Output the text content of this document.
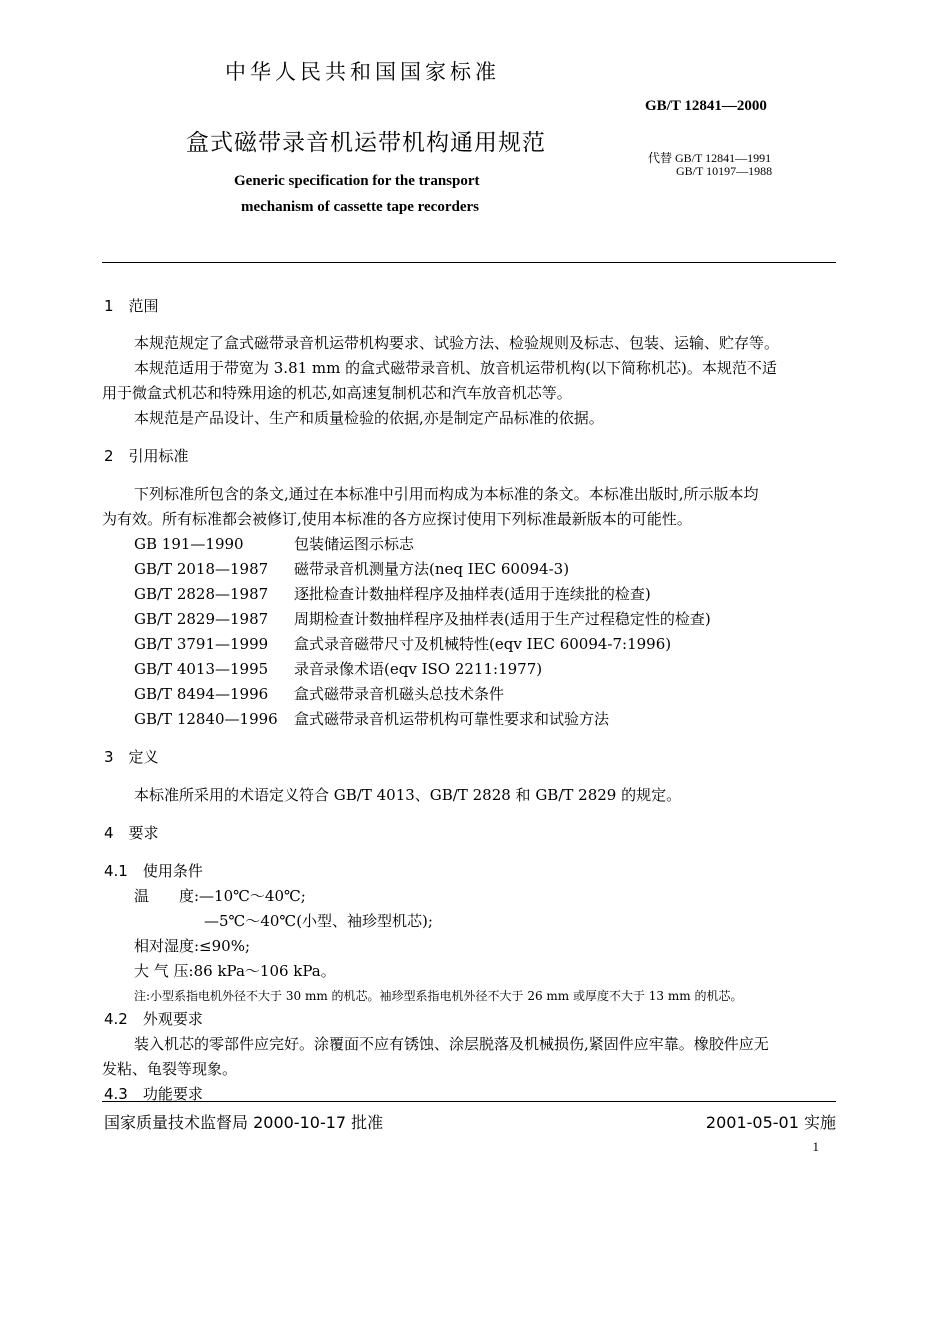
中华人民共和国国家标准
GB/T 12841—2000
盒式磁带录音机运带机构通用规范
代替 GB/T 12841—1991
GB/T 10197—1988
Generic specification for the transport
mechanism of cassette tape recorders
1　范围
本规范规定了盒式磁带录音机运带机构要求、试验方法、检验规则及标志、包装、运输、贮存等。
本规范适用于带宽为 3.81 mm 的盒式磁带录音机、放音机运带机构(以下简称机芯)。本规范不适
用于微盒式机芯和特殊用途的机芯,如高速复制机芯和汽车放音机芯等。
本规范是产品设计、生产和质量检验的依据,亦是制定产品标准的依据。
2　引用标准
下列标准所包含的条文,通过在本标准中引用而构成为本标准的条文。本标准出版时,所示版本均
为有效。所有标准都会被修订,使用本标准的各方应探讨使用下列标准最新版本的可能性。
GB 191—1990	包装储运图示标志
GB/T 2018—1987 磁带录音机测量方法(neq IEC 60094-3)
GB/T 2828—1987 逐批检查计数抽样程序及抽样表(适用于连续批的检查)
GB/T 2829—1987 周期检查计数抽样程序及抽样表(适用于生产过程稳定性的检查)
GB/T 3791—1999 盒式录音磁带尺寸及机械特性(eqv IEC 60094-7:1996)
GB/T 4013—1995 录音录像术语(eqv ISO 2211:1977)
GB/T 8494—1996 盒式磁带录音机磁头总技术条件
GB/T 12840—1996 盒式磁带录音机运带机构可靠性要求和试验方法
3　定义
本标准所采用的术语定义符合 GB/T 4013、GB/T 2828 和 GB/T 2829 的规定。
4　要求
4.1　使用条件
温　　度:—10℃～40℃;
—5℃～40℃(小型、袖珍型机芯);
相对湿度:≤90%;
大 气 压:86 kPa～106 kPa。
注:小型系指电机外径不大于 30 mm 的机芯。袖珍型系指电机外径不大于 26 mm 或厚度不大于 13 mm 的机芯。
4.2　外观要求
装入机芯的零部件应完好。涂覆面不应有锈蚀、涂层脱落及机械损伤,紧固件应牢靠。橡胶件应无
发粘、龟裂等现象。
4.3　功能要求
国家质量技术监督局 2000-10-17 批准	2001-05-01 实施
1
